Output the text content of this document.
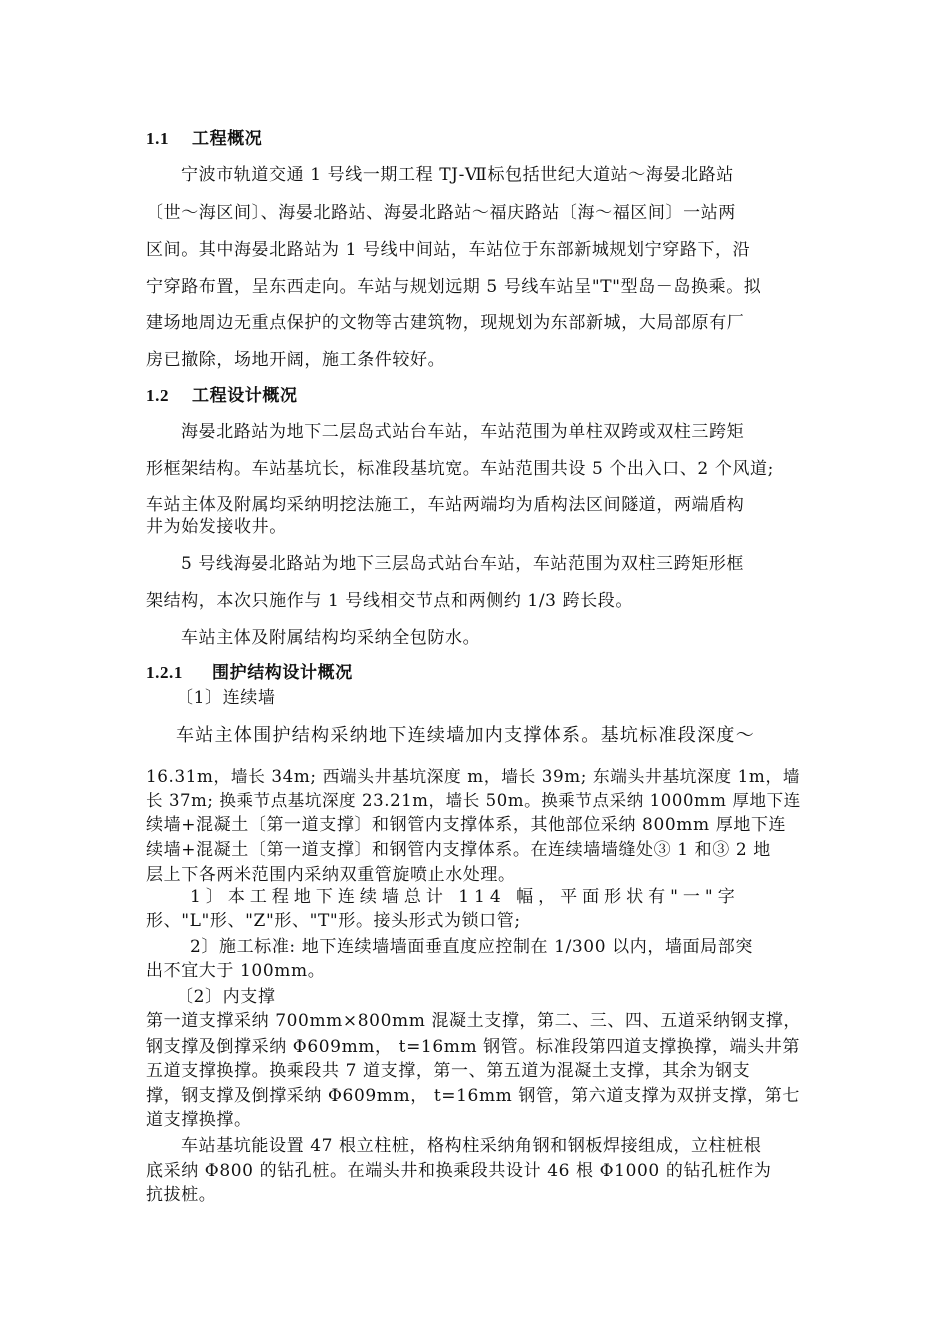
1.1 工程概况
宁波市轨道交通 1 号线一期工程 TJ-Ⅶ标包括世纪大道站～海晏北路站
〔世～海区间〕、海晏北路站、海晏北路站～福庆路站〔海～福区间〕一站两
区间。其中海晏北路站为 1 号线中间站，车站位于东部新城规划宁穿路下，沿
宁穿路布置，呈东西走向。车站与规划远期 5 号线车站呈"T"型岛－岛换乘。拟
建场地周边无重点保护的文物等古建筑物，现规划为东部新城，大局部原有厂
房已撤除，场地开阔，施工条件较好。
1.2 工程设计概况
海晏北路站为地下二层岛式站台车站，车站范围为单柱双跨或双柱三跨矩
形框架结构。车站基坑长，标准段基坑宽。车站范围共设 5 个出入口、2 个风道;
车站主体及附属均采纳明挖法施工，车站两端均为盾构法区间隧道，两端盾构
井为始发接收井。
5 号线海晏北路站为地下三层岛式站台车站，车站范围为双柱三跨矩形框
架结构，本次只施作与 1 号线相交节点和两侧约 1/3 跨长段。
车站主体及附属结构均采纳全包防水。
1.2.1 围护结构设计概况
〔1〕连续墙
车站主体围护结构采纳地下连续墙加内支撑体系。基坑标准段深度～
16.31m，墙长 34m; 西端头井基坑深度 m，墙长 39m; 东端头井基坑深度 1m，墙
长 37m; 换乘节点基坑深度 23.21m，墙长 50m。换乘节点采纳 1000mm 厚地下连
续墙+混凝土〔第一道支撑〕和钢管内支撑体系，其他部位采纳 800mm 厚地下连
续墙+混凝土〔第一道支撑〕和钢管内支撑体系。在连续墙墙缝处③ 1 和③ 2 地
层上下各两米范围内采纳双重管旋喷止水处理。
1〕本工程地下连续墙总计 114 幅，平面形状有"一"字
形、"L"形、"Z"形、"T"形。接头形式为锁口管;
2〕施工标准: 地下连续墙墙面垂直度应控制在 1/300 以内，墙面局部突
出不宜大于 100mm。
〔2〕内支撑
第一道支撑采纳 700mm×800mm 混凝土支撑，第二、三、四、五道采纳钢支撑，
钢支撑及倒撑采纳 Φ609mm， t=16mm 钢管。标准段第四道支撑换撑，端头井第
五道支撑换撑。换乘段共 7 道支撑，第一、第五道为混凝土支撑，其余为钢支
撑，钢支撑及倒撑采纳 Φ609mm， t=16mm 钢管，第六道支撑为双拼支撑，第七
道支撑换撑。
车站基坑能设置 47 根立柱桩，格构柱采纳角钢和钢板焊接组成，立柱桩根
底采纳 Φ800 的钻孔桩。在端头井和换乘段共设计 46 根 Φ1000 的钻孔桩作为
抗拔桩。
